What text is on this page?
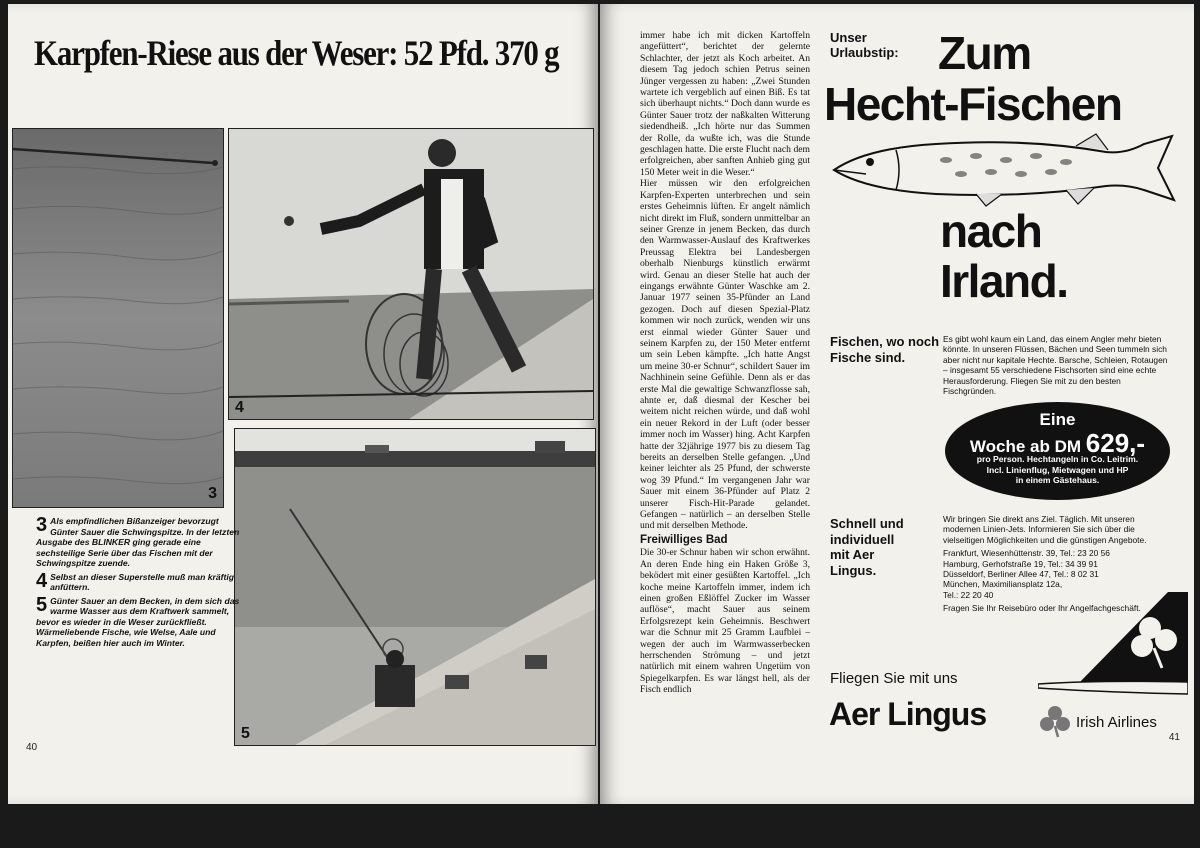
Karpfen-Riese aus der Weser: 52 Pfd. 370 g
3
4
5

3 Als empfindlichen Bißanzeiger bevorzugt Günter Sauer die Schwingspitze. In der letzten Ausgabe des BLINKER ging gerade eine sechsteilige Serie über das Fischen mit der Schwingspitze zuende.

4 Selbst an dieser Superstelle muß man kräftig anfüttern.

5 Günter Sauer an dem Becken, in dem sich das warme Wasser aus dem Kraftwerk sammelt, bevor es wieder in die Weser zurückfließt. Wärmeliebende Fische, wie Welse, Aale und Karpfen, beißen hier auch im Winter.

40

immer habe ich mit dicken Kartoffeln angefüttert“, berichtet der gelernte Schlachter, der jetzt als Koch arbeitet. An diesem Tag jedoch schien Petrus seinen Jünger vergessen zu haben: „Zwei Stunden wartete ich vergeblich auf einen Biß. Es tat sich überhaupt nichts.“ Doch dann wurde es Günter Sauer trotz der naßkalten Witterung siedendheiß. „Ich hörte nur das Summen der Rolle, da wußte ich, was die Stunde geschlagen hatte. Die erste Flucht nach dem erfolgreichen, aber sanften Anhieb ging gut 150 Meter weit in die Weser.“

Hier müssen wir den erfolgreichen Karpfen-Experten unterbrechen und sein erstes Geheimnis lüften. Er angelt nämlich nicht direkt im Fluß, sondern unmittelbar an seiner Grenze in jenem Becken, das durch den Warmwasser-Auslauf des Kraftwerkes Preussag Elektra bei Landesbergen oberhalb Nienburgs künstlich erwärmt wird. Genau an dieser Stelle hat auch der eingangs erwähnte Günter Waschke am 2. Januar 1977 seinen 35-Pfünder an Land gezogen. Doch auf diesen Spezial-Platz kommen wir noch zurück, wenden wir uns erst einmal wieder Günter Sauer und seinem Karpfen zu, der 150 Meter entfernt um sein Leben kämpfte. „Ich hatte Angst um meine 30-er Schnur“, schildert Sauer im Nachhinein seine Gefühle. Denn als er das erste Mal die gewaltige Schwanzflosse sah, ahnte er, daß diesmal der Kescher bei weitem nicht reichen würde, und daß wohl ein neuer Rekord in der Luft (oder besser immer noch im Wasser) hing. Acht Karpfen hatte der 32jährige 1977 bis zu diesem Tag bereits an derselben Stelle gefangen. „Und keiner leichter als 25 Pfund, der schwerste wog 39 Pfund.“ Im vergangenen Jahr war Sauer mit einem 36-Pfünder auf Platz 2 unserer Fisch-Hit-Parade gelandet. Gefangen – natürlich – an derselben Stelle und mit derselben Methode.

Freiwilliges Bad

Die 30-er Schnur haben wir schon erwähnt. An deren Ende hing ein Haken Größe 3, beködert mit einer gesüßten Kartoffel. „Ich koche meine Kartoffeln immer, indem ich einen großen Eßlöffel Zucker im Wasser auflöse“, macht Sauer aus seinem Erfolgsrezept kein Geheimnis. Beschwert war die Schnur mit 25 Gramm Laufblei – wegen der auch im Warmwasserbecken herrschenden Strömung – und jetzt natürlich mit einem wahren Ungetüm von Spiegelkarpfen. Es war längst hell, als der Fisch endlich

Unser
Urlaubstip: Zum
Hecht-Fischen
nach
Irland.
Fischen, wo noch Fische sind.

Es gibt wohl kaum ein Land, das einem Angler mehr bieten könnte. In unseren Flüssen, Bächen und Seen tummeln sich aber nicht nur kapitale Hechte. Barsche, Schleien, Rotaugen – insgesamt 55 verschiedene Fischsorten sind eine echte Herausforderung. Fliegen Sie mit zu den besten Fischgründen.

Eine
Woche ab DM 629,-
pro Person. Hechtangeln in Co. Leitrim.
Incl. Linienflug, Mietwagen und HP
in einem Gästehaus.
Schnell und individuell mit Aer Lingus.

Wir bringen Sie direkt ans Ziel. Täglich. Mit unseren modernen Linien-Jets. Informieren Sie sich über die vielseitigen Möglichkeiten und die günstigen Angebote.

Frankfurt, Wiesenhüttenstr. 39, Tel.: 23 20 56
Hamburg, Gerhofstraße 19, Tel.: 34 39 91
Düsseldorf, Berliner Allee 47, Tel.: 8 02 31
München, Maximiliansplatz 12a,
Tel.: 22 20 40

Fragen Sie Ihr Reisebüro oder Ihr Angelfachgeschäft.

Fliegen Sie mit uns
Aer Lingus	Irish Airlines
41
